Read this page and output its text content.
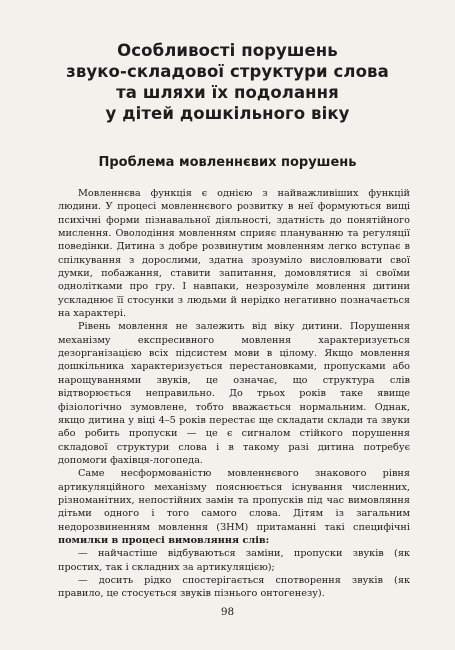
Особливості порушень
звуко-складової структури слова
та шляхи їх подолання
у дітей дошкільного віку
Проблема мовленнєвих порушень

Мовленнєва функція є однією з найважливіших функцій людини. У процесі мовленнєвого розвитку в неї формуються вищі психічні форми пізнавальної діяльності, здатність до понятійного мислення. Оволодіння мовленням сприяє плануванню та регуляції поведінки. Дитина з добре розвинутим мовленням легко вступає в спілкування з дорослими, здатна зрозуміло висловлювати свої думки, побажання, ставити запитання, домовлятися зі своїми однолітками про гру. І навпаки, незрозуміле мовлення дитини ускладнює її стосунки з людьми й нерідко негативно позначається на характері.

Рівень мовлення не залежить від віку дитини. Порушення механізму експресивного мовлення характеризується дезорганізацією всіх підсистем мови в цілому. Якщо мовлення дошкільника характеризується перестановками, пропусками або нарощуваннями звуків, це означає, що структура слів відтворюється неправильно. До трьох років таке явище фізіологічно зумовлене, тобто вважається нормальним. Однак, якщо дитина у віці 4–5 років перестає ще складати склади та звуки або робить пропуски — це є сигналом стійкого порушення складової структури слова і в такому разі дитина потребує допомоги фахівця-логопеда.

Саме несформованістю мовленнєвого знакового рівня артикуляційного механізму пояснюється існування численних, різноманітних, непостійних замін та пропусків під час вимовляння дітьми одного і того самого слова. Дітям із загальним недорозвиненням мовлення (ЗНМ) притаманні такі специфічні помилки в процесі вимовляння слів:

— найчастіше відбуваються заміни, пропуски звуків (як простих, так і складних за артикуляцією);

— досить рідко спостерігається спотворення звуків (як правило, це стосується звуків пізнього онтогенезу).

98
